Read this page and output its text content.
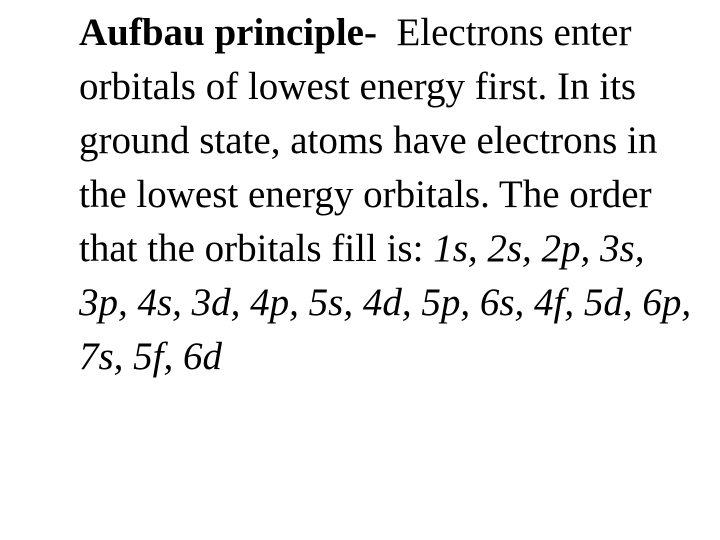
Aufbau principle- Electrons enter orbitals of lowest energy first. In its ground state, atoms have electrons in the lowest energy orbitals. The order that the orbitals fill is: 1s, 2s, 2p, 3s, 3p, 4s, 3d, 4p, 5s, 4d, 5p, 6s, 4f, 5d, 6p, 7s, 5f, 6d
